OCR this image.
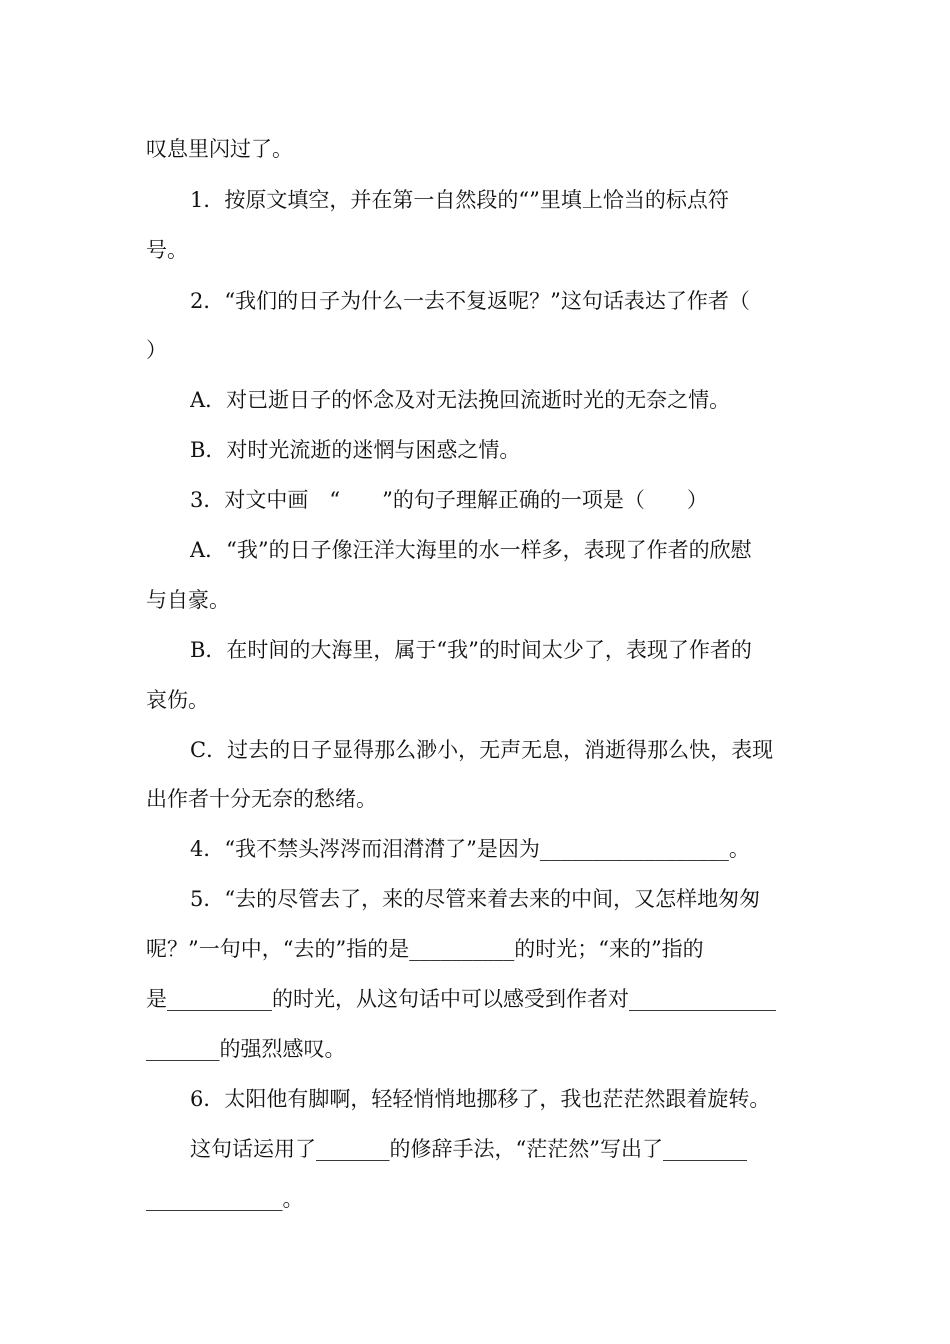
叹息里闪过了。
1．按原文填空，并在第一自然段的“”里填上恰当的标点符
号。
2．“我们的日子为什么一去不复返呢？”这句话表达了作者（
）
A．对已逝日子的怀念及对无法挽回流逝时光的无奈之情。
B．对时光流逝的迷惘与困惑之情。
3．对文中画　“　　”的句子理解正确的一项是（　　）
A．“我”的日子像汪洋大海里的水一样多，表现了作者的欣慰
与自豪。
B．在时间的大海里，属于“我”的时间太少了，表现了作者的
哀伤。
C．过去的日子显得那么渺小，无声无息，消逝得那么快，表现
出作者十分无奈的愁绪。
4．“我不禁头涔涔而泪潸潸了”是因为__________________。
5．“去的尽管去了，来的尽管来着去来的中间，又怎样地匆匆
呢？”一句中，“去的”指的是__________的时光；“来的”指的
是__________的时光，从这句话中可以感受到作者对______________
_______的强烈感叹。
6．太阳他有脚啊，轻轻悄悄地挪移了，我也茫茫然跟着旋转。
这句话运用了_______的修辞手法，“茫茫然”写出了________
_____________。
